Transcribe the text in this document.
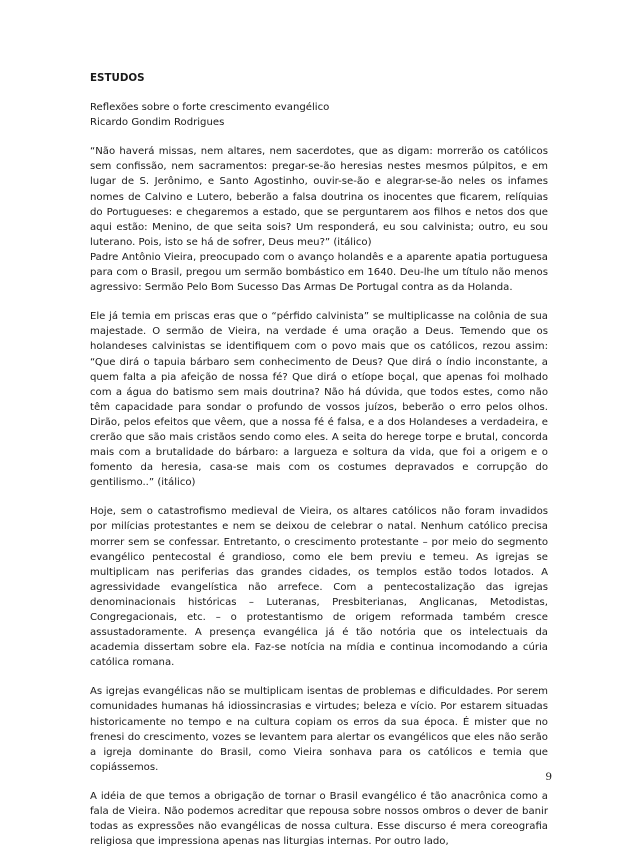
ESTUDOS

Reflexões sobre o forte crescimento evangélico

Ricardo Gondim Rodrigues

“Não haverá missas, nem altares, nem sacerdotes, que as digam: morrerão os católicos sem confissão, nem sacramentos: pregar-se-ão heresias nestes mesmos púlpitos, e em lugar de S. Jerônimo, e Santo Agostinho, ouvir-se-ão e alegrar-se-ão neles os infames nomes de Calvino e Lutero, beberão a falsa doutrina os inocentes que ficarem, relíquias do Portugueses: e chegaremos a estado, que se perguntarem aos filhos e netos dos que aqui estão: Menino, de que seita sois? Um responderá, eu sou calvinista; outro, eu sou luterano. Pois, isto se há de sofrer, Deus meu?” (itálico)

Padre Antônio Vieira, preocupado com o avanço holandês e a aparente apatia portuguesa para com o Brasil, pregou um sermão bombástico em 1640. Deu-lhe um título não menos agressivo: Sermão Pelo Bom Sucesso Das Armas De Portugal contra as da Holanda.

Ele já temia em priscas eras que o “pérfido calvinista” se multiplicasse na colônia de sua majestade. O sermão de Vieira, na verdade é uma oração a Deus. Temendo que os holandeses calvinistas se identifiquem com o povo mais que os católicos, rezou assim: “Que dirá o tapuia bárbaro sem conhecimento de Deus? Que dirá o índio inconstante, a quem falta a pia afeição de nossa fé? Que dirá o etíope boçal, que apenas foi molhado com a água do batismo sem mais doutrina? Não há dúvida, que todos estes, como não têm capacidade para sondar o profundo de vossos juízos, beberão o erro pelos olhos. Dirão, pelos efeitos que vêem, que a nossa fé é falsa, e a dos Holandeses a verdadeira, e crerão que são mais cristãos sendo como eles. A seita do herege torpe e brutal, concorda mais com a brutalidade do bárbaro: a largueza e soltura da vida, que foi a origem e o fomento da heresia, casa-se mais com os costumes depravados e corrupção do gentilismo..” (itálico)

Hoje, sem o catastrofismo medieval de Vieira, os altares católicos não foram invadidos por milícias protestantes e nem se deixou de celebrar o natal. Nenhum católico precisa morrer sem se confessar. Entretanto, o crescimento protestante – por meio do segmento evangélico pentecostal é grandioso, como ele bem previu e temeu. As igrejas se multiplicam nas periferias das grandes cidades, os templos estão todos lotados. A agressividade evangelística não arrefece. Com a pentecostalização das igrejas denominacionais históricas – Luteranas, Presbiterianas, Anglicanas, Metodistas, Congregacionais, etc. – o protestantismo de origem reformada também cresce assustadoramente. A presença evangélica já é tão notória que os intelectuais da academia dissertam sobre ela. Faz-se notícia na mídia e continua incomodando a cúria católica romana.

As igrejas evangélicas não se multiplicam isentas de problemas e dificuldades. Por serem comunidades humanas há idiossincrasias e virtudes; beleza e vício. Por estarem situadas historicamente no tempo e na cultura copiam os erros da sua época. É mister que no frenesi do crescimento, vozes se levantem para alertar os evangélicos que eles não serão a igreja dominante do Brasil, como Vieira sonhava para os católicos e temia que copiássemos.

A idéia de que temos a obrigação de tornar o Brasil evangélico é tão anacrônica como a fala de Vieira. Não podemos acreditar que repousa sobre nossos ombros o dever de banir todas as expressões não evangélicas de nossa cultura. Esse discurso é mera coreografia religiosa que impressiona apenas nas liturgias internas. Por outro lado,

9
